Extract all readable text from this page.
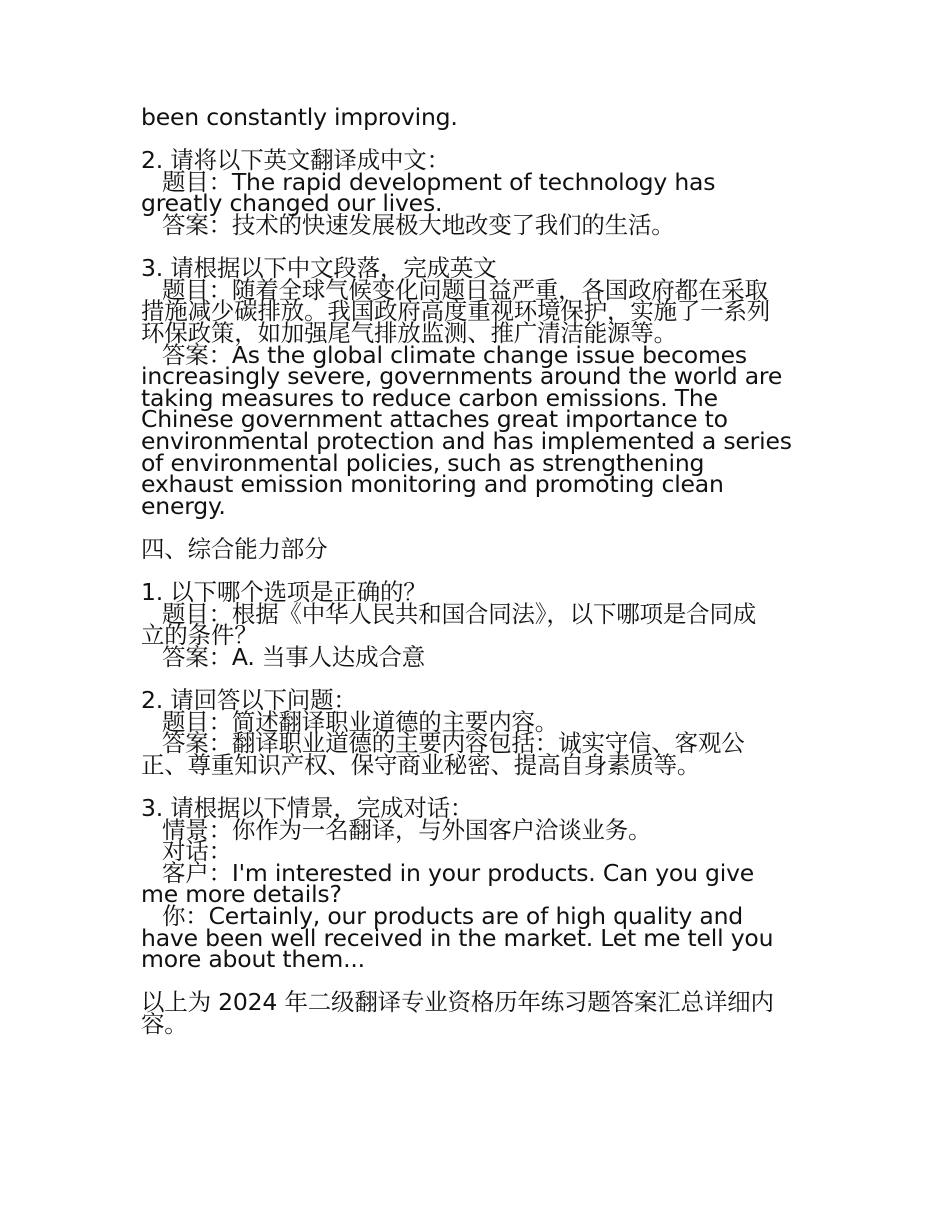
been constantly improving.
2. 请将以下英文翻译成中文：
题目：The rapid development of technology has
greatly changed our lives.
答案：技术的快速发展极大地改变了我们的生活。
3. 请根据以下中文段落，完成英文
题目：随着全球气候变化问题日益严重，各国政府都在采取
措施减少碳排放。我国政府高度重视环境保护，实施了一系列
环保政策，如加强尾气排放监测、推广清洁能源等。
答案：As the global climate change issue becomes
increasingly severe, governments around the world are
taking measures to reduce carbon emissions. The
Chinese government attaches great importance to
environmental protection and has implemented a series
of environmental policies, such as strengthening
exhaust emission monitoring and promoting clean
energy.
四、综合能力部分
1. 以下哪个选项是正确的？
题目：根据《中华人民共和国合同法》，以下哪项是合同成
立的条件？
答案：A. 当事人达成合意
2. 请回答以下问题：
题目：简述翻译职业道德的主要内容。
答案：翻译职业道德的主要内容包括：诚实守信、客观公
正、尊重知识产权、保守商业秘密、提高自身素质等。
3. 请根据以下情景，完成对话：
情景：你作为一名翻译，与外国客户洽谈业务。
对话：
客户：I'm interested in your products. Can you give
me more details?
你：Certainly, our products are of high quality and
have been well received in the market. Let me tell you
more about them...
以上为 2024 年二级翻译专业资格历年练习题答案汇总详细内
容。
